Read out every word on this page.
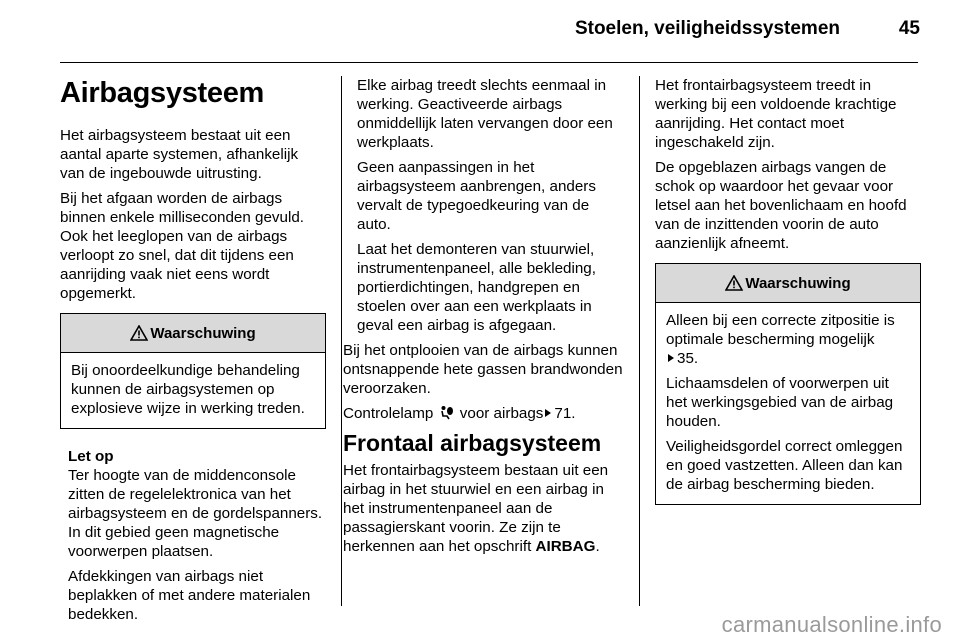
Stoelen, veiligheidssystemen	45
Airbagsysteem

Het airbagsysteem bestaat uit een aantal aparte systemen, afhankelijk van de ingebouwde uitrusting.

Bij het afgaan worden de airbags binnen enkele milliseconden gevuld. Ook het leeglopen van de airbags verloopt zo snel, dat dit tijdens een aanrijding vaak niet eens wordt opgemerkt.

Waarschuwing

Bij onoordeelkundige behandeling kunnen de airbagsystemen op explosieve wijze in werking treden.

Let op
Ter hoogte van de middenconsole zitten de regelelektronica van het airbagsysteem en de gordelspanners. In dit gebied geen magnetische voorwerpen plaatsen.

Afdekkingen van airbags niet beplakken of met andere materialen bedekken.

Elke airbag treedt slechts eenmaal in werking. Geactiveerde airbags onmiddellijk laten vervangen door een werkplaats.

Geen aanpassingen in het airbagsysteem aanbrengen, anders vervalt de typegoedkeuring van de auto.

Laat het demonteren van stuurwiel, instrumentenpaneel, alle bekleding, portierdichtingen, handgrepen en stoelen over aan een werkplaats in geval een airbag is afgegaan.

Bij het ontplooien van de airbags kunnen ontsnappende hete gassen brandwonden veroorzaken.

Controlelamp voor airbags 71.

Frontaal airbagsysteem

Het frontairbagsysteem bestaan uit een airbag in het stuurwiel en een airbag in het instrumentenpaneel aan de passagierskant voorin. Ze zijn te herkennen aan het opschrift AIRBAG.

Het frontairbagsysteem treedt in werking bij een voldoende krachtige aanrijding. Het contact moet ingeschakeld zijn.

De opgeblazen airbags vangen de schok op waardoor het gevaar voor letsel aan het bovenlichaam en hoofd van de inzittenden voorin de auto aanzienlijk afneemt.

Waarschuwing

Alleen bij een correcte zitpositie is optimale bescherming mogelijk
35.

Lichaamsdelen of voorwerpen uit het werkingsgebied van de airbag houden.

Veiligheidsgordel correct omleggen en goed vastzetten. Alleen dan kan de airbag bescherming bieden.

carmanualsonline.info
